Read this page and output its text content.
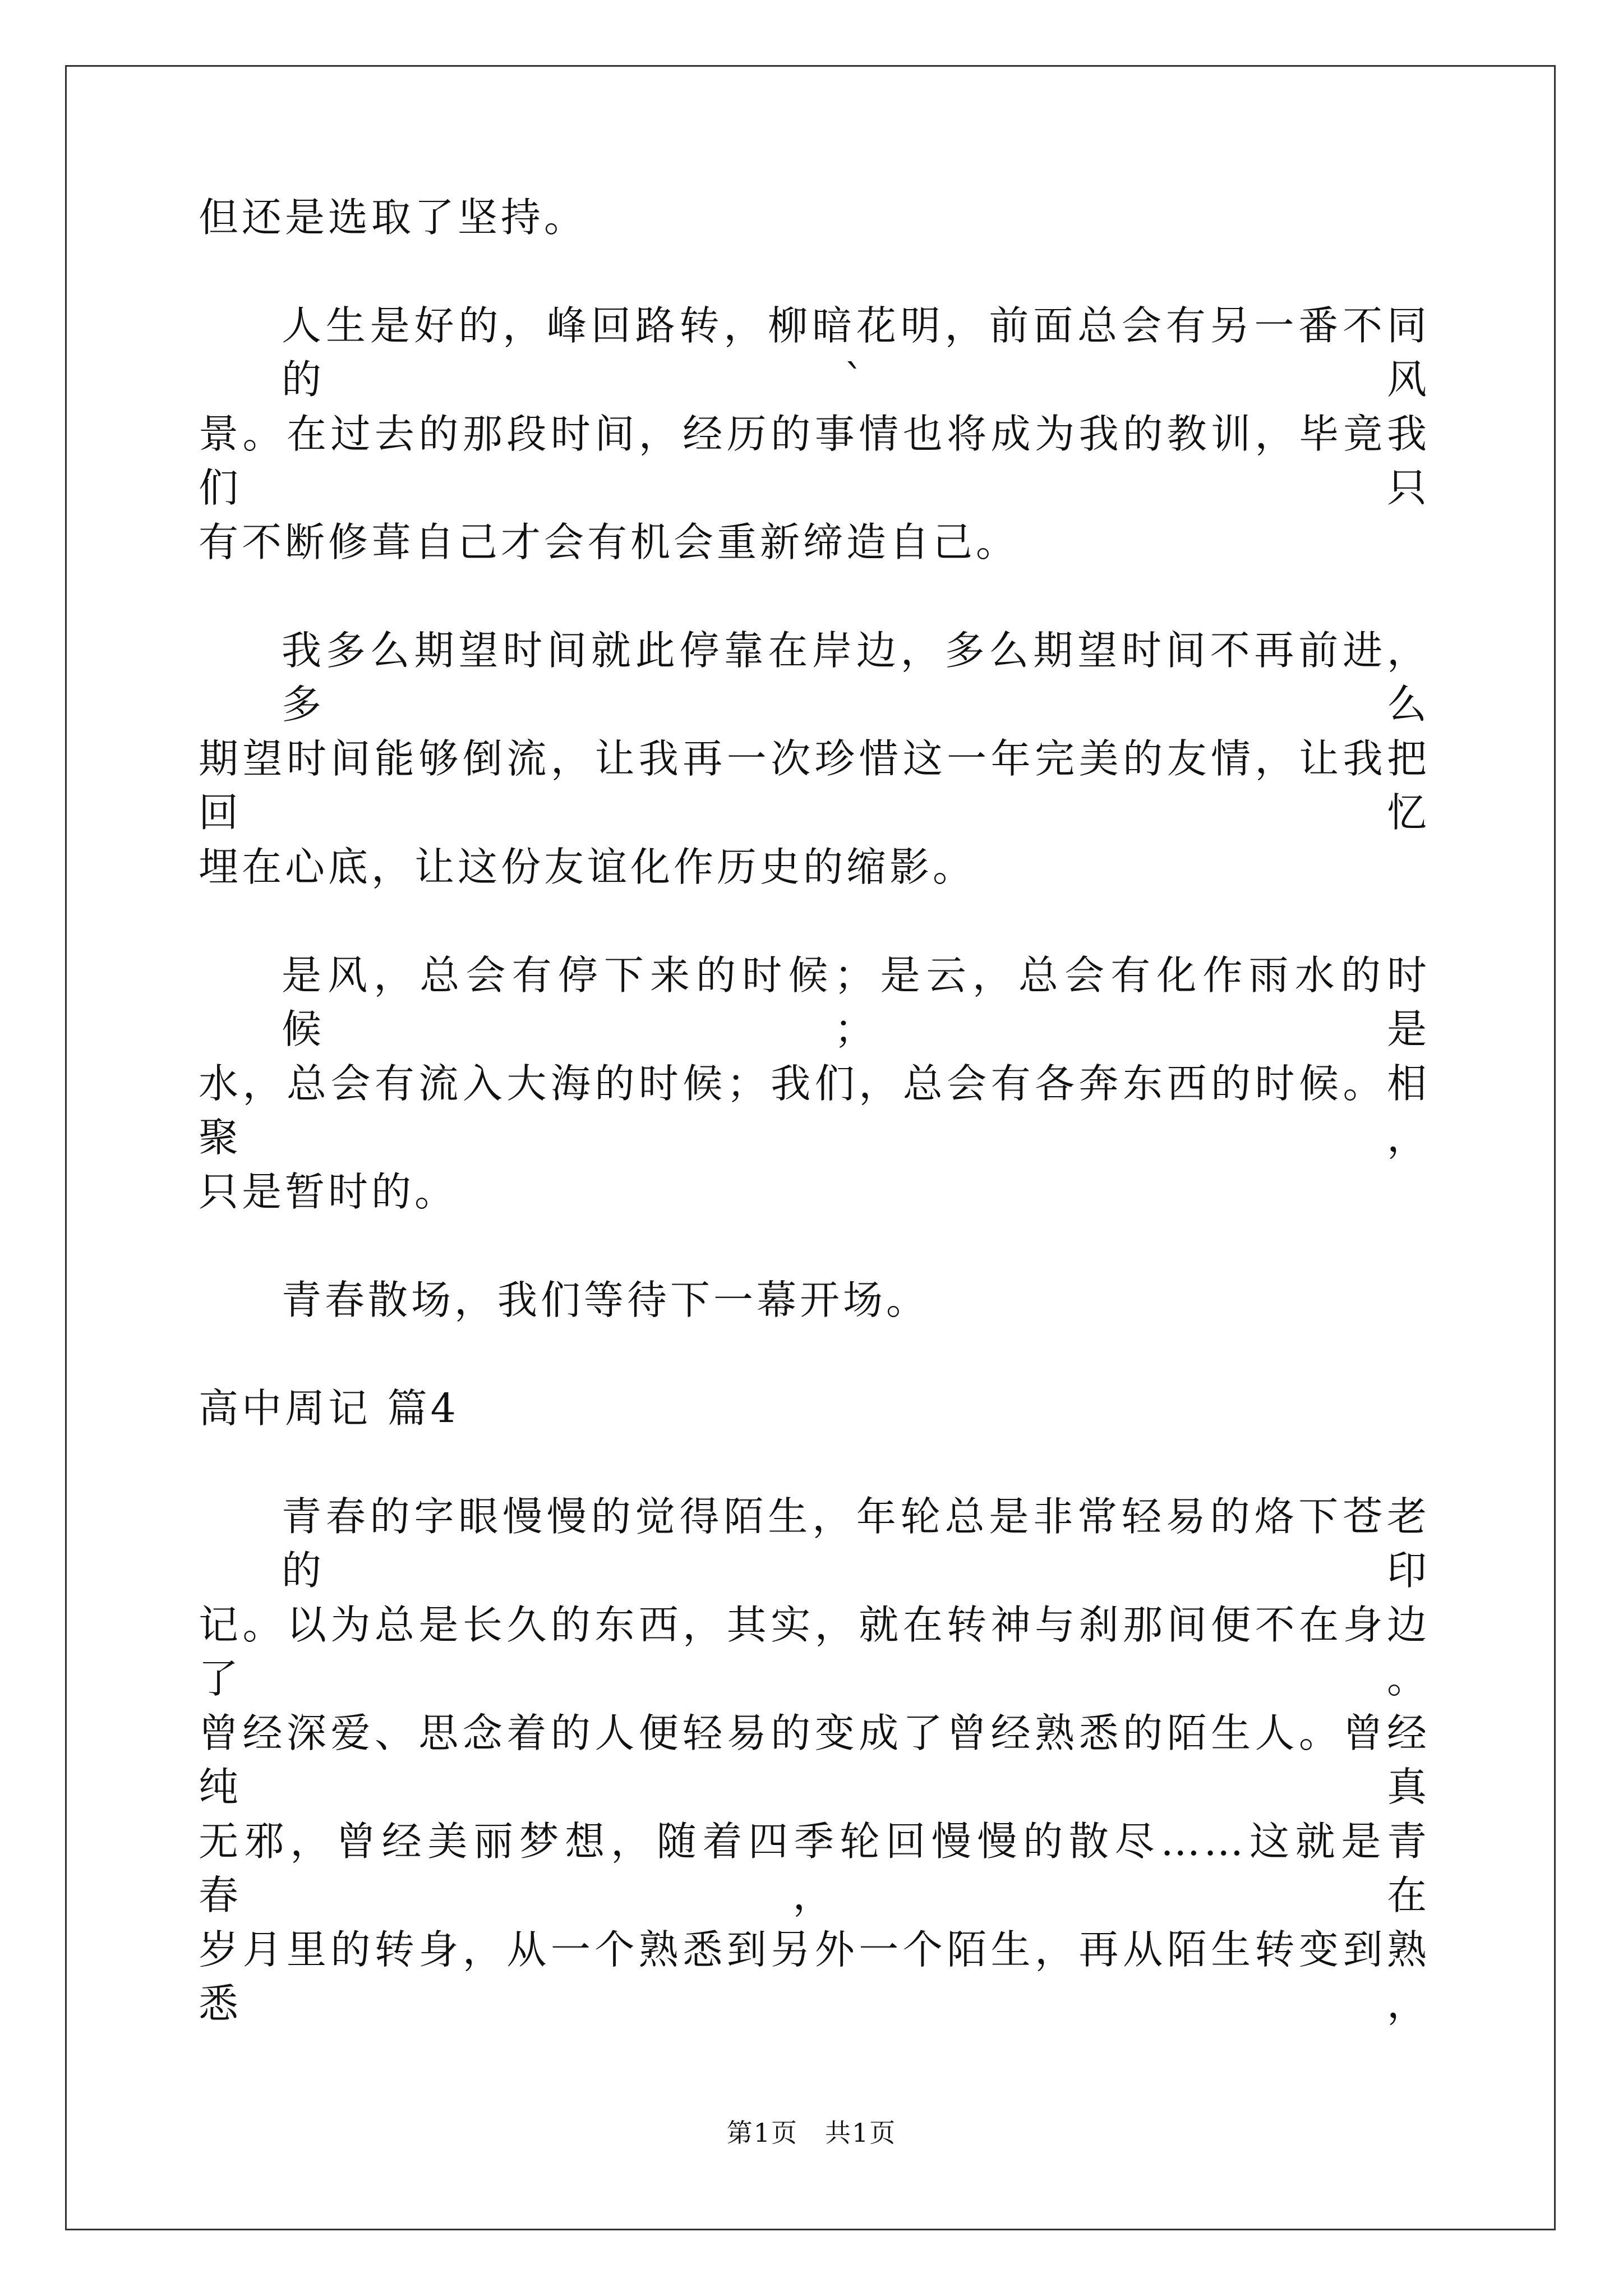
但还是选取了坚持。
人生是好的，峰回路转，柳暗花明，前面总会有另一番不同的`风
景。在过去的那段时间，经历的事情也将成为我的教训，毕竟我们只
有不断修葺自己才会有机会重新缔造自己。
我多么期望时间就此停靠在岸边，多么期望时间不再前进，多么
期望时间能够倒流，让我再一次珍惜这一年完美的友情，让我把回忆
埋在心底，让这份友谊化作历史的缩影。
是风，总会有停下来的时候；是云，总会有化作雨水的时候；是
水，总会有流入大海的时候；我们，总会有各奔东西的时候。相聚，
只是暂时的。
青春散场，我们等待下一幕开场。
高中周记 篇4
青春的字眼慢慢的觉得陌生，年轮总是非常轻易的烙下苍老的印
记。以为总是长久的东西，其实，就在转神与刹那间便不在身边了。
曾经深爱、思念着的人便轻易的变成了曾经熟悉的陌生人。曾经纯真
无邪，曾经美丽梦想，随着四季轮回慢慢的散尽……这就是青春，在
岁月里的转身，从一个熟悉到另外一个陌生，再从陌生转变到熟悉，
第1页　共1页
